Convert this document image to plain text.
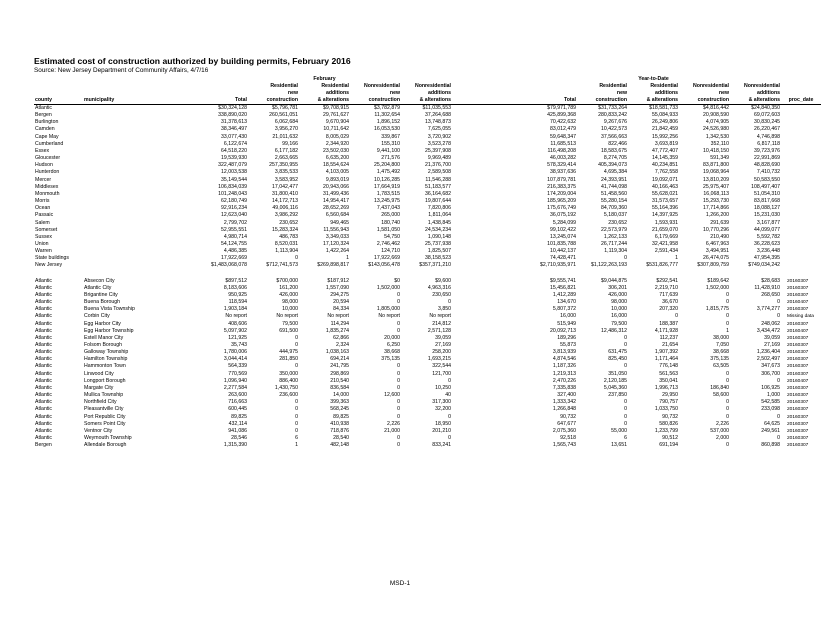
Estimated cost of construction authorized by building permits, February 2016
Source: New Jersey Department of Community Affairs, 4/7/16
					February						Year-to-Date			
				Residential	Residential	Nonresidential	Nonresidential			Residential	Residential	Nonresidential	Nonresidential	
				new	additions	new	additions			new	additions	new	additions	
county	municipality		Total	construction	& alterations	construction	& alterations		Total	construction	& alterations	construction	& alterations	proc_date
Atlantic			$30,324,128	$5,796,781	$9,708,915	$3,782,879	$11,035,553		$79,971,789	$31,733,264	$18,581,733	$4,816,442	$24,840,350	
Bergen			338,890,020	260,561,051	29,761,627	11,302,654	37,264,688		425,899,368	280,833,242	55,084,933	20,908,590	69,072,603	
Burlington			31,378,613	6,062,684	9,670,904	1,896,152	13,748,873		70,422,632	9,267,676	26,249,806	4,074,905	30,830,245	
Camden			38,346,497	3,956,270	10,711,642	16,053,530	7,625,055		83,012,479	10,422,573	21,842,459	24,526,980	26,220,467	
Cape May			33,077,430	21,011,632	8,005,029	339,867	3,720,902		59,648,347	37,566,663	15,992,256	1,342,530	4,746,898	
Cumberland			6,122,674	99,166	2,344,920	155,310	3,523,278		11,685,513	822,466	3,693,819	352,110	6,817,118	
Essex			64,518,220	6,177,182	23,502,030	9,441,100	25,397,908		116,498,208	18,583,675	47,772,407	10,418,150	39,723,976	
Gloucester			19,539,930	2,663,665	6,635,200	271,576	9,969,489		46,003,282	8,274,705	14,145,359	591,349	22,991,869	
Hudson			322,487,079	257,350,955	18,554,624	25,204,800	21,376,700		578,329,414	405,394,073	40,234,851	83,871,800	48,828,690	
Hunterdon			12,003,538	3,835,533	4,103,005	1,475,492	2,589,508		38,937,636	4,695,384	7,762,558	19,068,964	7,410,732	
Mercer			35,149,544	3,583,952	9,893,019	10,126,285	11,546,288		107,879,781	24,393,951	19,092,071	13,810,209	50,583,550	
Middlesex			106,834,039	17,042,477	20,943,066	17,664,919	51,183,577		216,383,375	41,744,098	40,166,463	25,975,407	108,497,407	
Monmouth			101,248,043	31,800,410	31,499,436	1,783,515	36,164,682		174,209,004	51,458,560	55,628,021	16,068,113	51,054,310	
Morris			62,180,749	14,172,713	14,954,417	13,245,975	19,807,644		185,965,209	55,280,154	31,573,657	15,293,730	83,817,668	
Ocean			92,916,234	49,006,116	28,652,269	7,437,043	7,820,806		175,676,749	84,709,360	55,164,396	17,714,866	18,088,127	
Passaic			12,623,040	3,986,292	6,560,684	265,000	1,811,064		36,075,192	5,180,037	14,397,925	1,266,200	15,231,030	
Salem			2,799,702	230,652	949,465	180,740	1,438,845		5,284,099	230,652	1,593,931	291,639	3,167,877	
Somerset			52,955,551	15,283,324	11,556,943	1,581,050	24,534,234		99,102,422	22,573,979	21,659,070	10,770,296	44,099,077	
Sussex			4,980,714	486,783	3,349,033	54,750	1,090,148		13,245,074	1,262,133	6,179,669	210,490	5,592,782	
Union			54,124,755	8,520,031	17,120,324	2,746,462	25,737,938		101,835,788	26,717,244	32,421,958	6,467,963	36,228,623	
Warren			4,486,385	1,113,904	1,422,264	124,710	1,825,507		10,442,137	1,119,304	2,591,434	3,494,951	3,236,448	
State buildings			17,922,669	0	1	17,922,669	38,158,523		74,428,471	0	1	26,474,075	47,954,395	
New Jersey			$1,483,068,078	$712,741,573	$269,898,817	$143,056,478	$357,371,210		$2,710,935,971	$1,122,263,193	$531,826,777	$307,809,759	$749,034,242	

Atlantic	Absecon City		$897,512	$700,000	$187,912	$0	$9,600		$9,555,741	$9,044,875	$292,541	$189,642	$28,683	20160307
Atlantic	Atlantic City		8,183,606	161,200	1,557,090	1,502,000	4,963,316		15,456,821	306,201	2,219,710	1,502,000	11,428,910	20160307
Atlantic	Brigantine City		950,925	426,000	294,275	0	230,650		1,412,289	426,000	717,639	0	268,650	20160307
Atlantic	Buena Borough		118,594	98,000	20,594	0	0		134,670	98,000	36,670	0	0	20160407
Atlantic	Buena Vista Township		1,903,184	10,000	84,334	1,805,000	3,850		5,807,372	10,000	207,320	1,815,775	3,774,277	20160307
Atlantic	Corbin City		No report	No report	No report	No report	No report		16,000	16,000	0	0	0	Missing data
Atlantic	Egg Harbor City		408,606	79,500	114,294	0	214,812		515,949	79,500	188,387	0	248,062	20160307
Atlantic	Egg Harbor Township		5,097,902	691,500	1,835,274	0	2,571,128		20,092,713	12,486,312	4,171,928	1	3,434,472	20160407
Atlantic	Estell Manor City		121,925	0	62,866	20,000	39,059		189,296	0	112,237	38,000	39,059	20160307
Atlantic	Folsom Borough		35,743	0	2,324	6,250	27,169		55,873	0	21,654	7,050	27,169	20160307
Atlantic	Galloway Township		1,780,006	444,975	1,038,163	38,668	258,200		3,813,939	631,475	1,907,392	38,668	1,236,404	20160307
Atlantic	Hamilton Township		3,044,414	281,850	694,214	375,135	1,693,215		4,874,546	825,450	1,171,464	375,135	2,502,497	20160307
Atlantic	Hammonton Town		564,339	0	241,795	0	322,544		1,187,326	0	776,148	63,505	347,673	20160307
Atlantic	Linwood City		770,569	350,000	298,869	0	121,700		1,219,313	351,050	561,563	0	306,700	20160307
Atlantic	Longport Borough		1,096,940	886,400	210,540	0	0		2,470,226	2,120,185	350,041	0	0	20160407
Atlantic	Margate City		2,277,584	1,430,750	836,584	0	10,250		7,335,838	5,045,360	1,996,713	186,840	106,925	20160307
Atlantic	Mullica Township		263,600	236,600	14,000	12,600	40		327,400	237,850	29,950	58,600	1,000	20160307
Atlantic	Northfield City		716,663	0	399,363	0	317,300		1,333,342	0	790,757	0	542,585	20160307
Atlantic	Pleasantville City		600,445	0	568,245	0	32,200		1,266,848	0	1,033,750	0	233,098	20160307
Atlantic	Port Republic City		89,825	0	89,825	0	0		90,732	0	90,732	0	0	20160307
Atlantic	Somers Point City		432,114	0	410,938	2,226	18,950		647,677	0	580,826	2,226	64,625	20160307
Atlantic	Ventnor City		941,086	0	718,876	21,000	201,210		2,075,360	55,000	1,233,799	537,000	249,561	20160307
Atlantic	Weymouth Township		28,546	6	28,540	0	0		92,518	6	90,512	2,000	0	20160307
Bergen	Allendale Borough		1,315,390	1	482,148	0	833,241		1,565,743	13,651	691,194	0	860,898	20160307
MSD-1
